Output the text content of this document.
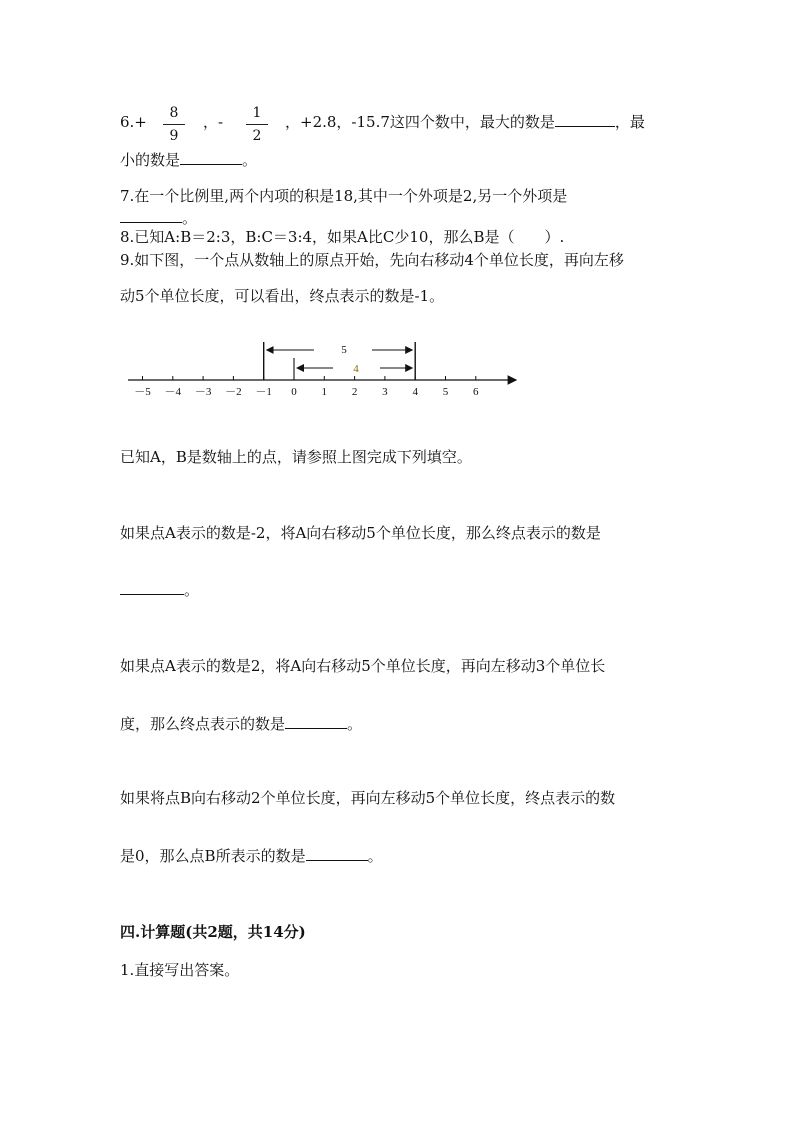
6.+	8
9
，-	1
2
，+2.8，-15.7这四个数中，最大的数是	，最
小的数是	。
7.在一个比例里,两个内项的积是18,其中一个外项是2,另一个外项是
。
8.已知A:B＝2:3，B:C＝3:4，如果A比C少10，那么B是（　　）.
9.如下图，一个点从数轴上的原点开始，先向右移动4个单位长度，再向左移
动5个单位长度，可以看出，终点表示的数是-1。
－5 －4 －3 －2 －1 0 1 2 3 4 5 6
5
4
已知A，B是数轴上的点，请参照上图完成下列填空。
如果点A表示的数是-2，将A向右移动5个单位长度，那么终点表示的数是
。
如果点A表示的数是2，将A向右移动5个单位长度，再向左移动3个单位长
度，那么终点表示的数是	。
如果将点B向右移动2个单位长度，再向左移动5个单位长度，终点表示的数
是0，那么点B所表示的数是	。
四.计算题(共2题，共14分)
1.直接写出答案。
